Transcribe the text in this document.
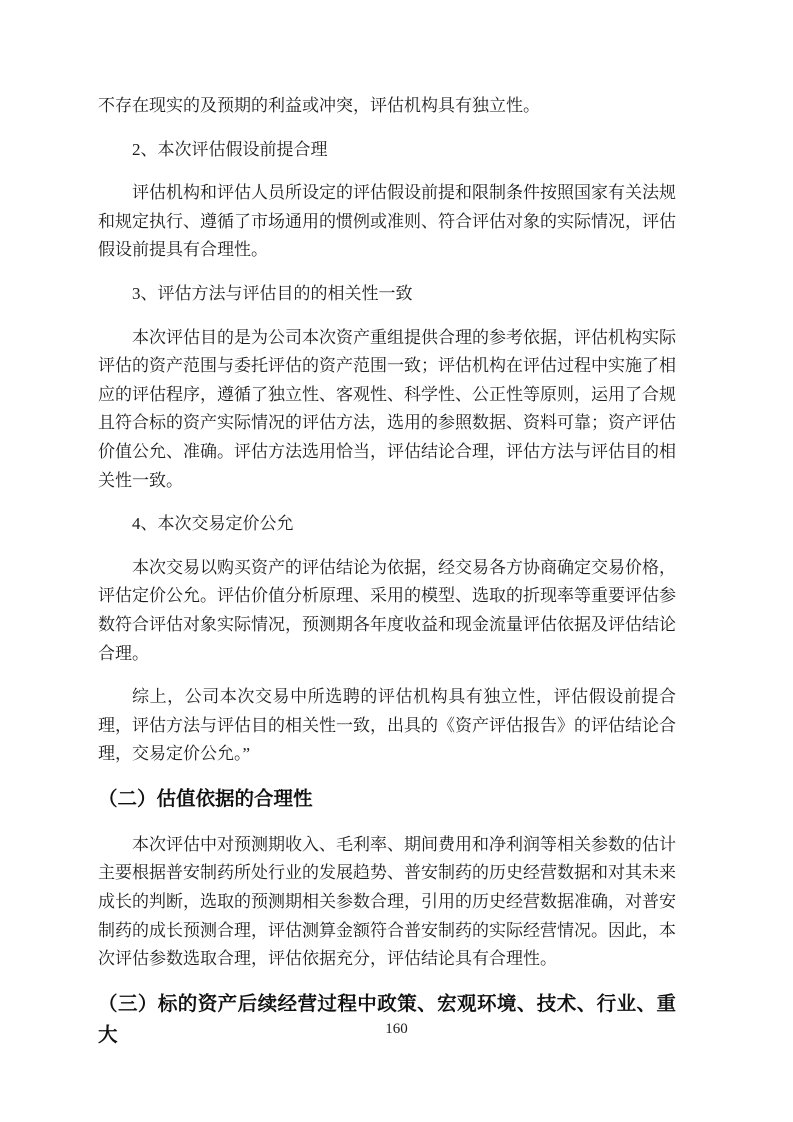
不存在现实的及预期的利益或冲突，评估机构具有独立性。

2、本次评估假设前提合理

评估机构和评估人员所设定的评估假设前提和限制条件按照国家有关法规和规定执行、遵循了市场通用的惯例或准则、符合评估对象的实际情况，评估假设前提具有合理性。

3、评估方法与评估目的的相关性一致

本次评估目的是为公司本次资产重组提供合理的参考依据，评估机构实际评估的资产范围与委托评估的资产范围一致；评估机构在评估过程中实施了相应的评估程序，遵循了独立性、客观性、科学性、公正性等原则，运用了合规且符合标的资产实际情况的评估方法，选用的参照数据、资料可靠；资产评估价值公允、准确。评估方法选用恰当，评估结论合理，评估方法与评估目的相关性一致。

4、本次交易定价公允

本次交易以购买资产的评估结论为依据，经交易各方协商确定交易价格，评估定价公允。评估价值分析原理、采用的模型、选取的折现率等重要评估参数符合评估对象实际情况，预测期各年度收益和现金流量评估依据及评估结论合理。

综上，公司本次交易中所选聘的评估机构具有独立性，评估假设前提合理，评估方法与评估目的相关性一致，出具的《资产评估报告》的评估结论合理，交易定价公允。”

（二）估值依据的合理性

本次评估中对预测期收入、毛利率、期间费用和净利润等相关参数的估计主要根据普安制药所处行业的发展趋势、普安制药的历史经营数据和对其未来成长的判断，选取的预测期相关参数合理，引用的历史经营数据准确，对普安制药的成长预测合理，评估测算金额符合普安制药的实际经营情况。因此，本次评估参数选取合理，评估依据充分，评估结论具有合理性。

（三）标的资产后续经营过程中政策、宏观环境、技术、行业、重大	160
